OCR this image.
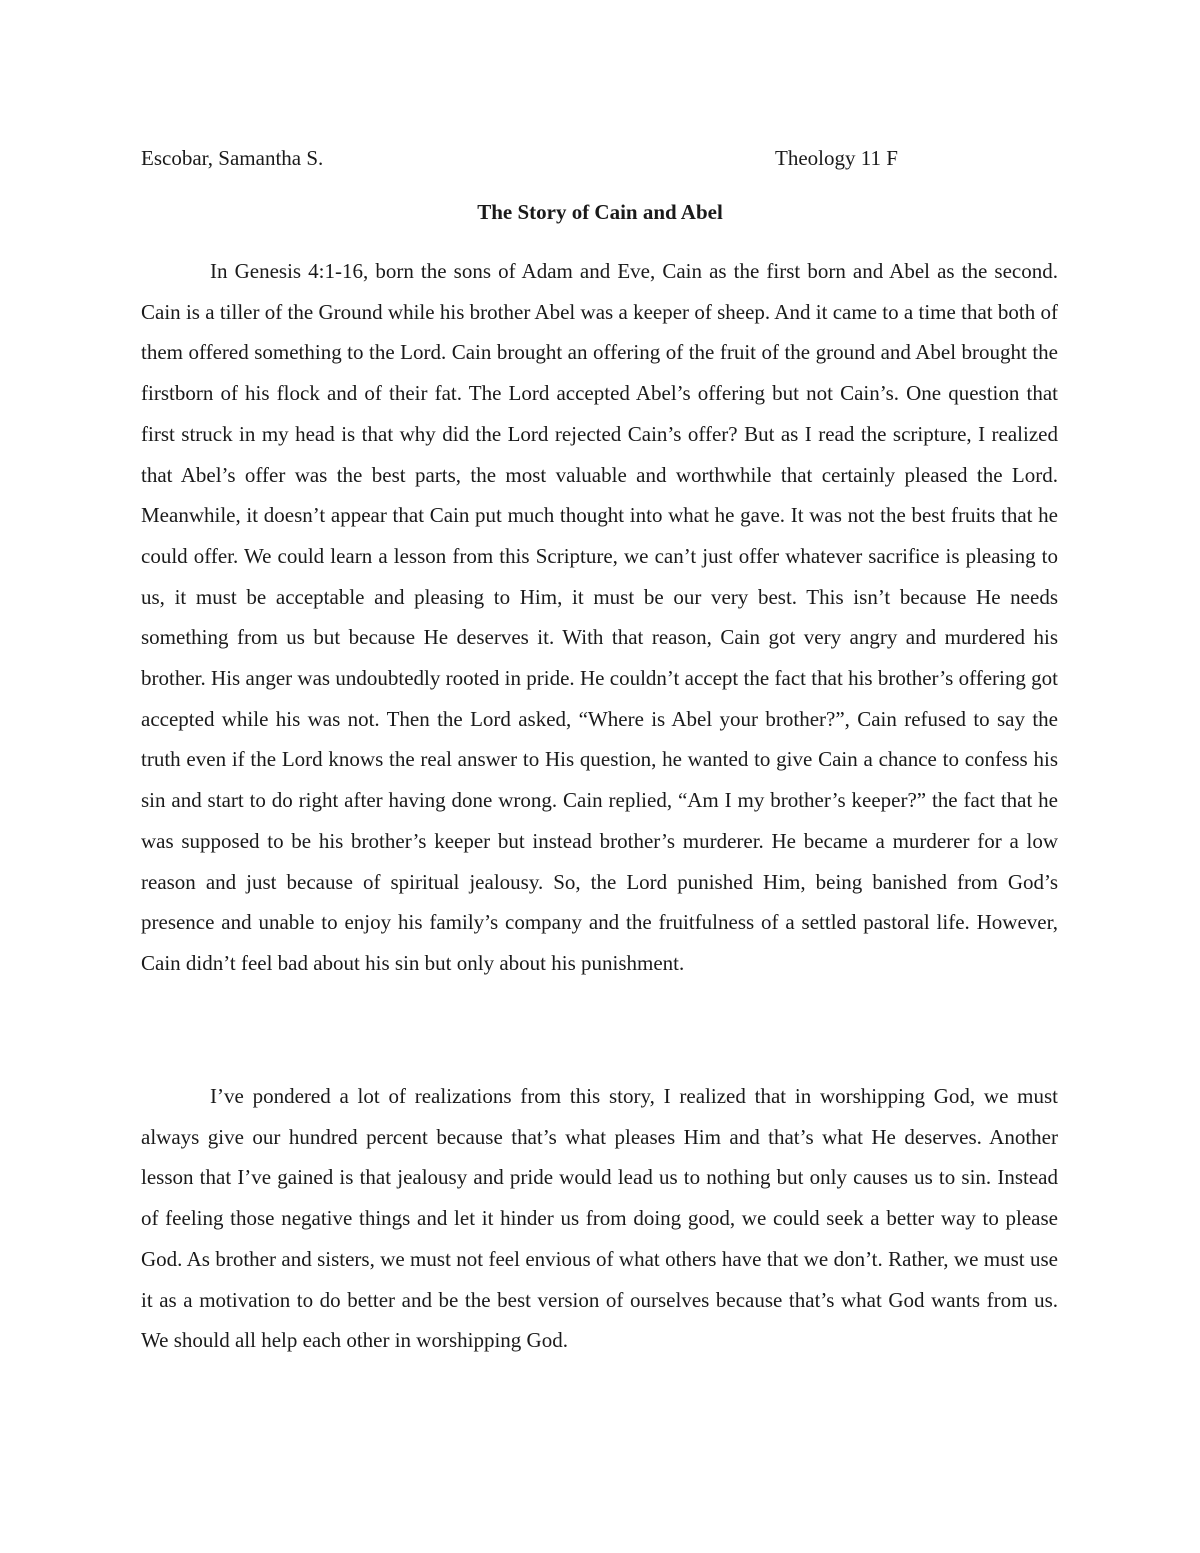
Escobar, Samantha S.	Theology 11 F
The Story of Cain and Abel

In Genesis 4:1-16, born the sons of Adam and Eve, Cain as the first born and Abel as the second. Cain is a tiller of the Ground while his brother Abel was a keeper of sheep. And it came to a time that both of them offered something to the Lord. Cain brought an offering of the fruit of the ground and Abel brought the firstborn of his flock and of their fat. The Lord accepted Abel’s offering but not Cain’s. One question that first struck in my head is that why did the Lord rejected Cain’s offer? But as I read the scripture, I realized that Abel’s offer was the best parts, the most valuable and worthwhile that certainly pleased the Lord. Meanwhile, it doesn’t appear that Cain put much thought into what he gave. It was not the best fruits that he could offer. We could learn a lesson from this Scripture, we can’t just offer whatever sacrifice is pleasing to us, it must be acceptable and pleasing to Him, it must be our very best. This isn’t because He needs something from us but because He deserves it. With that reason, Cain got very angry and murdered his brother. His anger was undoubtedly rooted in pride. He couldn’t accept the fact that his brother’s offering got accepted while his was not. Then the Lord asked, “Where is Abel your brother?”, Cain refused to say the truth even if the Lord knows the real answer to His question, he wanted to give Cain a chance to confess his sin and start to do right after having done wrong. Cain replied, “Am I my brother’s keeper?” the fact that he was supposed to be his brother’s keeper but instead brother’s murderer. He became a murderer for a low reason and just because of spiritual jealousy. So, the Lord punished Him, being banished from God’s presence and unable to enjoy his family’s company and the fruitfulness of a settled pastoral life. However, Cain didn’t feel bad about his sin but only about his punishment.

I’ve pondered a lot of realizations from this story, I realized that in worshipping God, we must always give our hundred percent because that’s what pleases Him and that’s what He deserves. Another lesson that I’ve gained is that jealousy and pride would lead us to nothing but only causes us to sin. Instead of feeling those negative things and let it hinder us from doing good, we could seek a better way to please God. As brother and sisters, we must not feel envious of what others have that we don’t. Rather, we must use it as a motivation to do better and be the best version of ourselves because that’s what God wants from us. We should all help each other in worshipping God.
